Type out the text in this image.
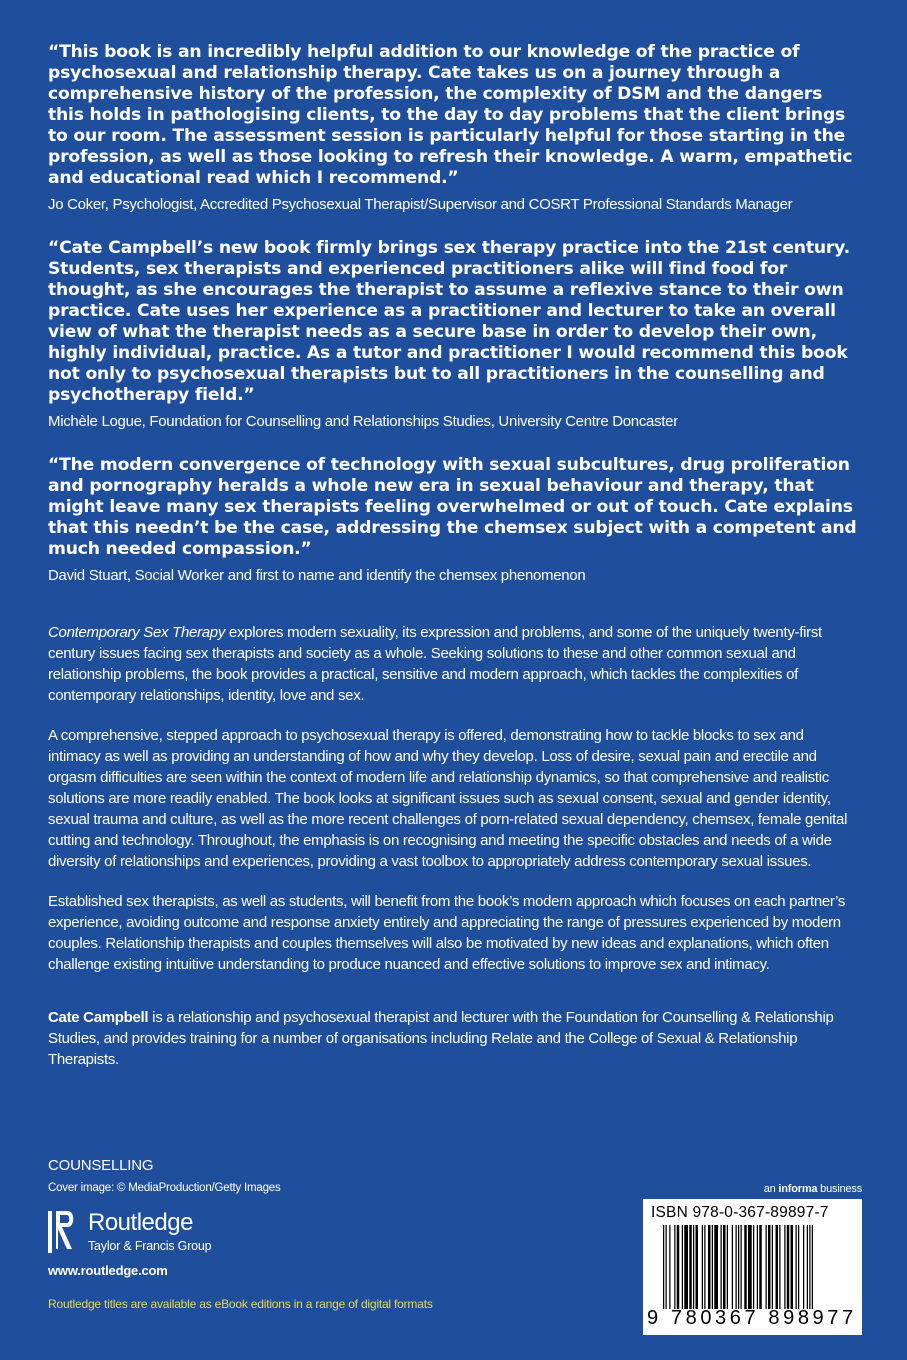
“This book is an incredibly helpful addition to our knowledge of the practice of psychosexual and relationship therapy. Cate takes us on a journey through a comprehensive history of the profession, the complexity of DSM and the dangers this holds in pathologising clients, to the day to day problems that the client brings to our room. The assessment session is particularly helpful for those starting in the profession, as well as those looking to refresh their knowledge. A warm, empathetic and educational read which I recommend.”

Jo Coker, Psychologist, Accredited Psychosexual Therapist/Supervisor and COSRT Professional Standards Manager

“Cate Campbell’s new book firmly brings sex therapy practice into the 21st century. Students, sex therapists and experienced practitioners alike will find food for thought, as she encourages the therapist to assume a reflexive stance to their own practice. Cate uses her experience as a practitioner and lecturer to take an overall view of what the therapist needs as a secure base in order to develop their own, highly individual, practice. As a tutor and practitioner I would recommend this book not only to psychosexual therapists but to all practitioners in the counselling and psychotherapy field.”

Michèle Logue, Foundation for Counselling and Relationships Studies, University Centre Doncaster

“The modern convergence of technology with sexual subcultures, drug proliferation and pornography heralds a whole new era in sexual behaviour and therapy, that might leave many sex therapists feeling overwhelmed or out of touch. Cate explains that this needn’t be the case, addressing the chemsex subject with a competent and much needed compassion.”

David Stuart, Social Worker and first to name and identify the chemsex phenomenon

Contemporary Sex Therapy explores modern sexuality, its expression and problems, and some of the uniquely twenty-first century issues facing sex therapists and society as a whole. Seeking solutions to these and other common sexual and relationship problems, the book provides a practical, sensitive and modern approach, which tackles the complexities of contemporary relationships, identity, love and sex.

A comprehensive, stepped approach to psychosexual therapy is offered, demonstrating how to tackle blocks to sex and intimacy as well as providing an understanding of how and why they develop. Loss of desire, sexual pain and erectile and orgasm difficulties are seen within the context of modern life and relationship dynamics, so that comprehensive and realistic solutions are more readily enabled. The book looks at significant issues such as sexual consent, sexual and gender identity, sexual trauma and culture, as well as the more recent challenges of porn-related sexual dependency, chemsex, female genital cutting and technology. Throughout, the emphasis is on recognising and meeting the specific obstacles and needs of a wide diversity of relationships and experiences, providing a vast toolbox to appropriately address contemporary sexual issues.

Established sex therapists, as well as students, will benefit from the book’s modern approach which focuses on each partner’s experience, avoiding outcome and response anxiety entirely and appreciating the range of pressures experienced by modern couples. Relationship therapists and couples themselves will also be motivated by new ideas and explanations, which often challenge existing intuitive understanding to produce nuanced and effective solutions to improve sex and intimacy.

Cate Campbell is a relationship and psychosexual therapist and lecturer with the Foundation for Counselling & Relationship Studies, and provides training for a number of organisations including Relate and the College of Sexual & Relationship Therapists.

COUNSELLING
Cover image: © MediaProduction/Getty Images
Routledge
Taylor & Francis Group
www.routledge.com
Routledge titles are available as eBook editions in a range of digital formats
an informa business
ISBN 978-0-367-89897-7
9 780367 898977
